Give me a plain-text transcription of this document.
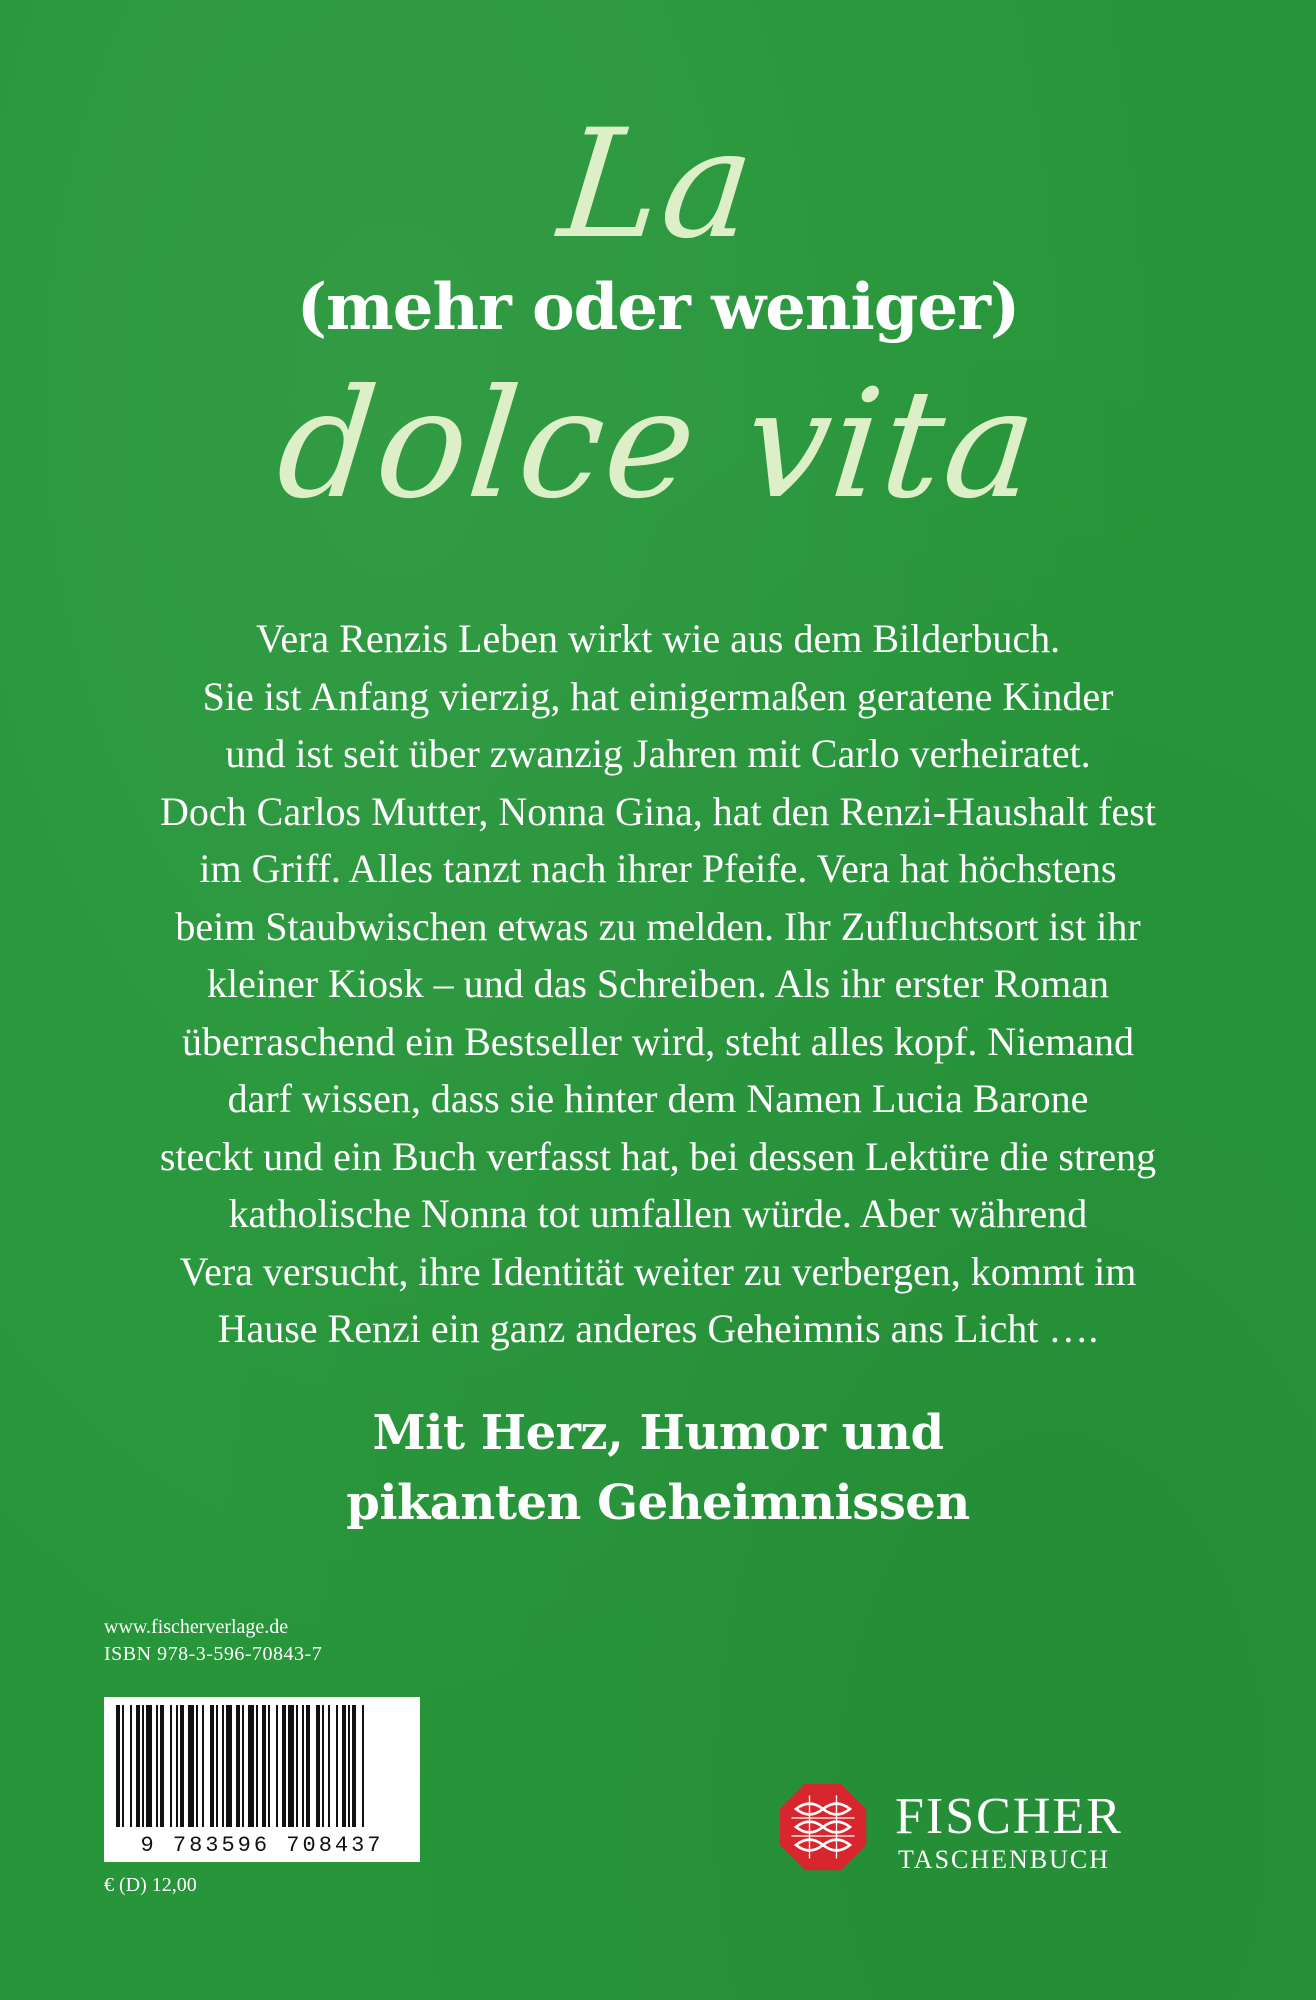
La
(mehr oder weniger)
dolce vita

Vera Renzis Leben wirkt wie aus dem Bilderbuch.
Sie ist Anfang vierzig, hat einigermaßen geratene Kinder
und ist seit über zwanzig Jahren mit Carlo verheiratet.
Doch Carlos Mutter, Nonna Gina, hat den Renzi-Haushalt fest
im Griff. Alles tanzt nach ihrer Pfeife. Vera hat höchstens
beim Staubwischen etwas zu melden. Ihr Zufluchtsort ist ihr
kleiner Kiosk – und das Schreiben. Als ihr erster Roman
überraschend ein Bestseller wird, steht alles kopf. Niemand
darf wissen, dass sie hinter dem Namen Lucia Barone
steckt und ein Buch verfasst hat, bei dessen Lektüre die streng
katholische Nonna tot umfallen würde. Aber während
Vera versucht, ihre Identität weiter zu verbergen, kommt im
Hause Renzi ein ganz anderes Geheimnis ans Licht ….

Mit Herz, Humor und
pikanten Geheimnissen
www.fischerverlage.de
ISBN 978-3-596-70843-7
9 783596 708437
€ (D) 12,00
FISCHER
TASCHENBUCH
